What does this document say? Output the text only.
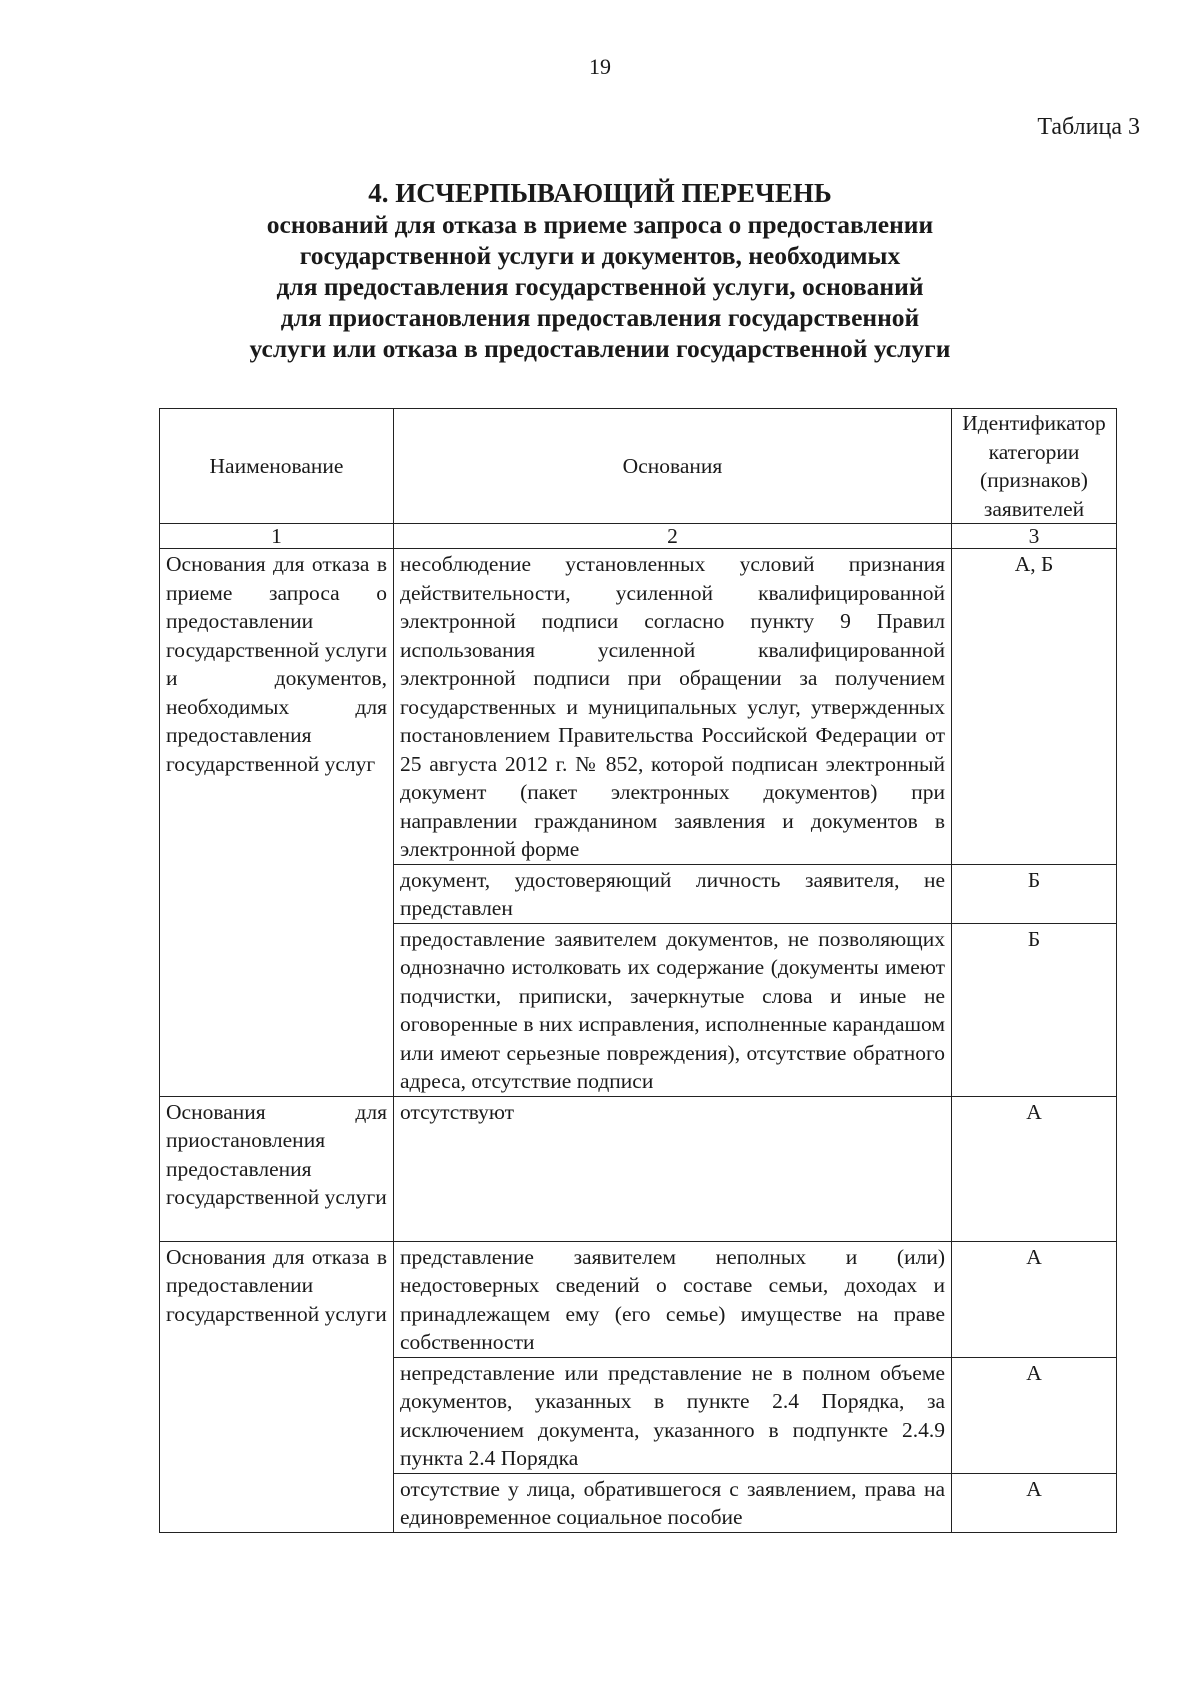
19
Таблица 3
4. ИСЧЕРПЫВАЮЩИЙ ПЕРЕЧЕНЬ
оснований для отказа в приеме запроса о предоставлении
государственной услуги и документов, необходимых
для предоставления государственной услуги, оснований
для приостановления предоставления государственной
услуги или отказа в предоставлении государственной услуги
Наименование	Основания	Идентификатор категории (признаков) заявителей
1	2	3
Основания для отказа в приеме запроса о предоставлении государственной услуги и документов, необходимых для предоставления государственной услуг	несоблюдение установленных условий признания действительности, усиленной квалифицированной электронной подписи согласно пункту 9 Правил использования усиленной квалифицированной электронной подписи при обращении за получением государственных и муниципальных услуг, утвержденных постановлением Правительства Российской Федерации от 25 августа 2012 г. № 852, которой подписан электронный документ (пакет электронных документов) при направлении гражданином заявления и документов в электронной форме	А, Б
	документ, удостоверяющий личность заявителя, не представлен	Б
	предоставление заявителем документов, не позволяющих однозначно истолковать их содержание (документы имеют подчистки, приписки, зачеркнутые слова и иные не оговоренные в них исправления, исполненные карандашом или имеют серьезные повреждения), отсутствие обратного адреса, отсутствие подписи	Б
Основания для приостановления предоставления государственной услуги	отсутствуют	А
Основания для отказа в предоставлении государственной услуги	представление заявителем неполных и (или) недостоверных сведений о составе семьи, доходах и принадлежащем ему (его семье) имуществе на праве собственности	А
	непредставление или представление не в полном объеме документов, указанных в пункте 2.4 Порядка, за исключением документа, указанного в подпункте 2.4.9 пункта 2.4 Порядка	А
	отсутствие у лица, обратившегося с заявлением, права на единовременное социальное пособие	А
